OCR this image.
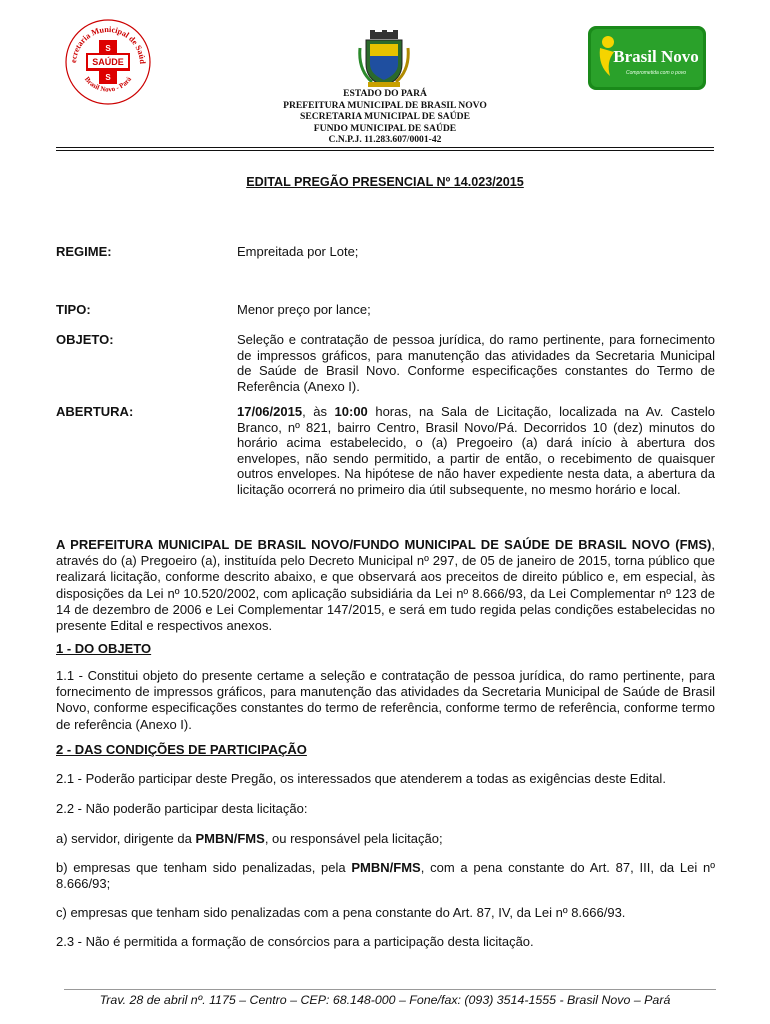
ecretaria Municipal de Saúd
Brasil Novo - Pará
S
S
SAÚDE	Brasil Novo
Comprometida com o povo
ESTADO DO PARÁ
PREFEITURA MUNICIPAL DE BRASIL NOVO
SECRETARIA MUNICIPAL DE SAÚDE
FUNDO MUNICIPAL DE SAÚDE
C.N.P.J. 11.283.607/0001-42
EDITAL PREGÃO PRESENCIAL Nº 14.023/2015
REGIME:	Empreitada por Lote;
TIPO:	Menor preço por lance;
OBJETO:	Seleção e contratação de pessoa jurídica, do ramo pertinente, para fornecimento de impressos gráficos, para manutenção das atividades da Secretaria Municipal de Saúde de Brasil Novo. Conforme especificações constantes do Termo de Referência (Anexo I).
ABERTURA:	17/06/2015, às 10:00 horas, na Sala de Licitação, localizada na Av. Castelo Branco, nº 821, bairro Centro, Brasil Novo/Pá. Decorridos 10 (dez) minutos do horário acima estabelecido, o (a) Pregoeiro (a) dará início à abertura dos envelopes, não sendo permitido, a partir de então, o recebimento de quaisquer outros envelopes. Na hipótese de não haver expediente nesta data, a abertura da licitação ocorrerá no primeiro dia útil subsequente, no mesmo horário e local.
A PREFEITURA MUNICIPAL DE BRASIL NOVO/FUNDO MUNICIPAL DE SAÚDE DE BRASIL NOVO (FMS), através do (a) Pregoeiro (a), instituída pelo Decreto Municipal nº 297, de 05 de janeiro de 2015, torna público que realizará licitação, conforme descrito abaixo, e que observará aos preceitos de direito público e, em especial, às disposições da Lei nº 10.520/2002, com aplicação subsidiária da Lei nº 8.666/93, da Lei Complementar nº 123 de 14 de dezembro de 2006 e Lei Complementar 147/2015, e será em tudo regida pelas condições estabelecidas no presente Edital e respectivos anexos.
1 - DO OBJETO
1.1 - Constitui objeto do presente certame a seleção e contratação de pessoa jurídica, do ramo pertinente, para fornecimento de impressos gráficos, para manutenção das atividades da Secretaria Municipal de Saúde de Brasil Novo, conforme especificações constantes do termo de referência, conforme termo de referência, conforme termo de referência (Anexo I).
2 - DAS CONDIÇÕES DE PARTICIPAÇÃO
2.1 - Poderão participar deste Pregão, os interessados que atenderem a todas as exigências deste Edital.
2.2 - Não poderão participar desta licitação:
a) servidor, dirigente da PMBN/FMS, ou responsável pela licitação;
b) empresas que tenham sido penalizadas, pela PMBN/FMS, com a pena constante do Art. 87, III, da Lei nº 8.666/93;
c) empresas que tenham sido penalizadas com a pena constante do Art. 87, IV, da Lei nº 8.666/93.
2.3 - Não é permitida a formação de consórcios para a participação desta licitação.
Trav. 28 de abril nº. 1175 – Centro – CEP: 68.148-000 – Fone/fax: (093) 3514-1555 - Brasil Novo – Pará
